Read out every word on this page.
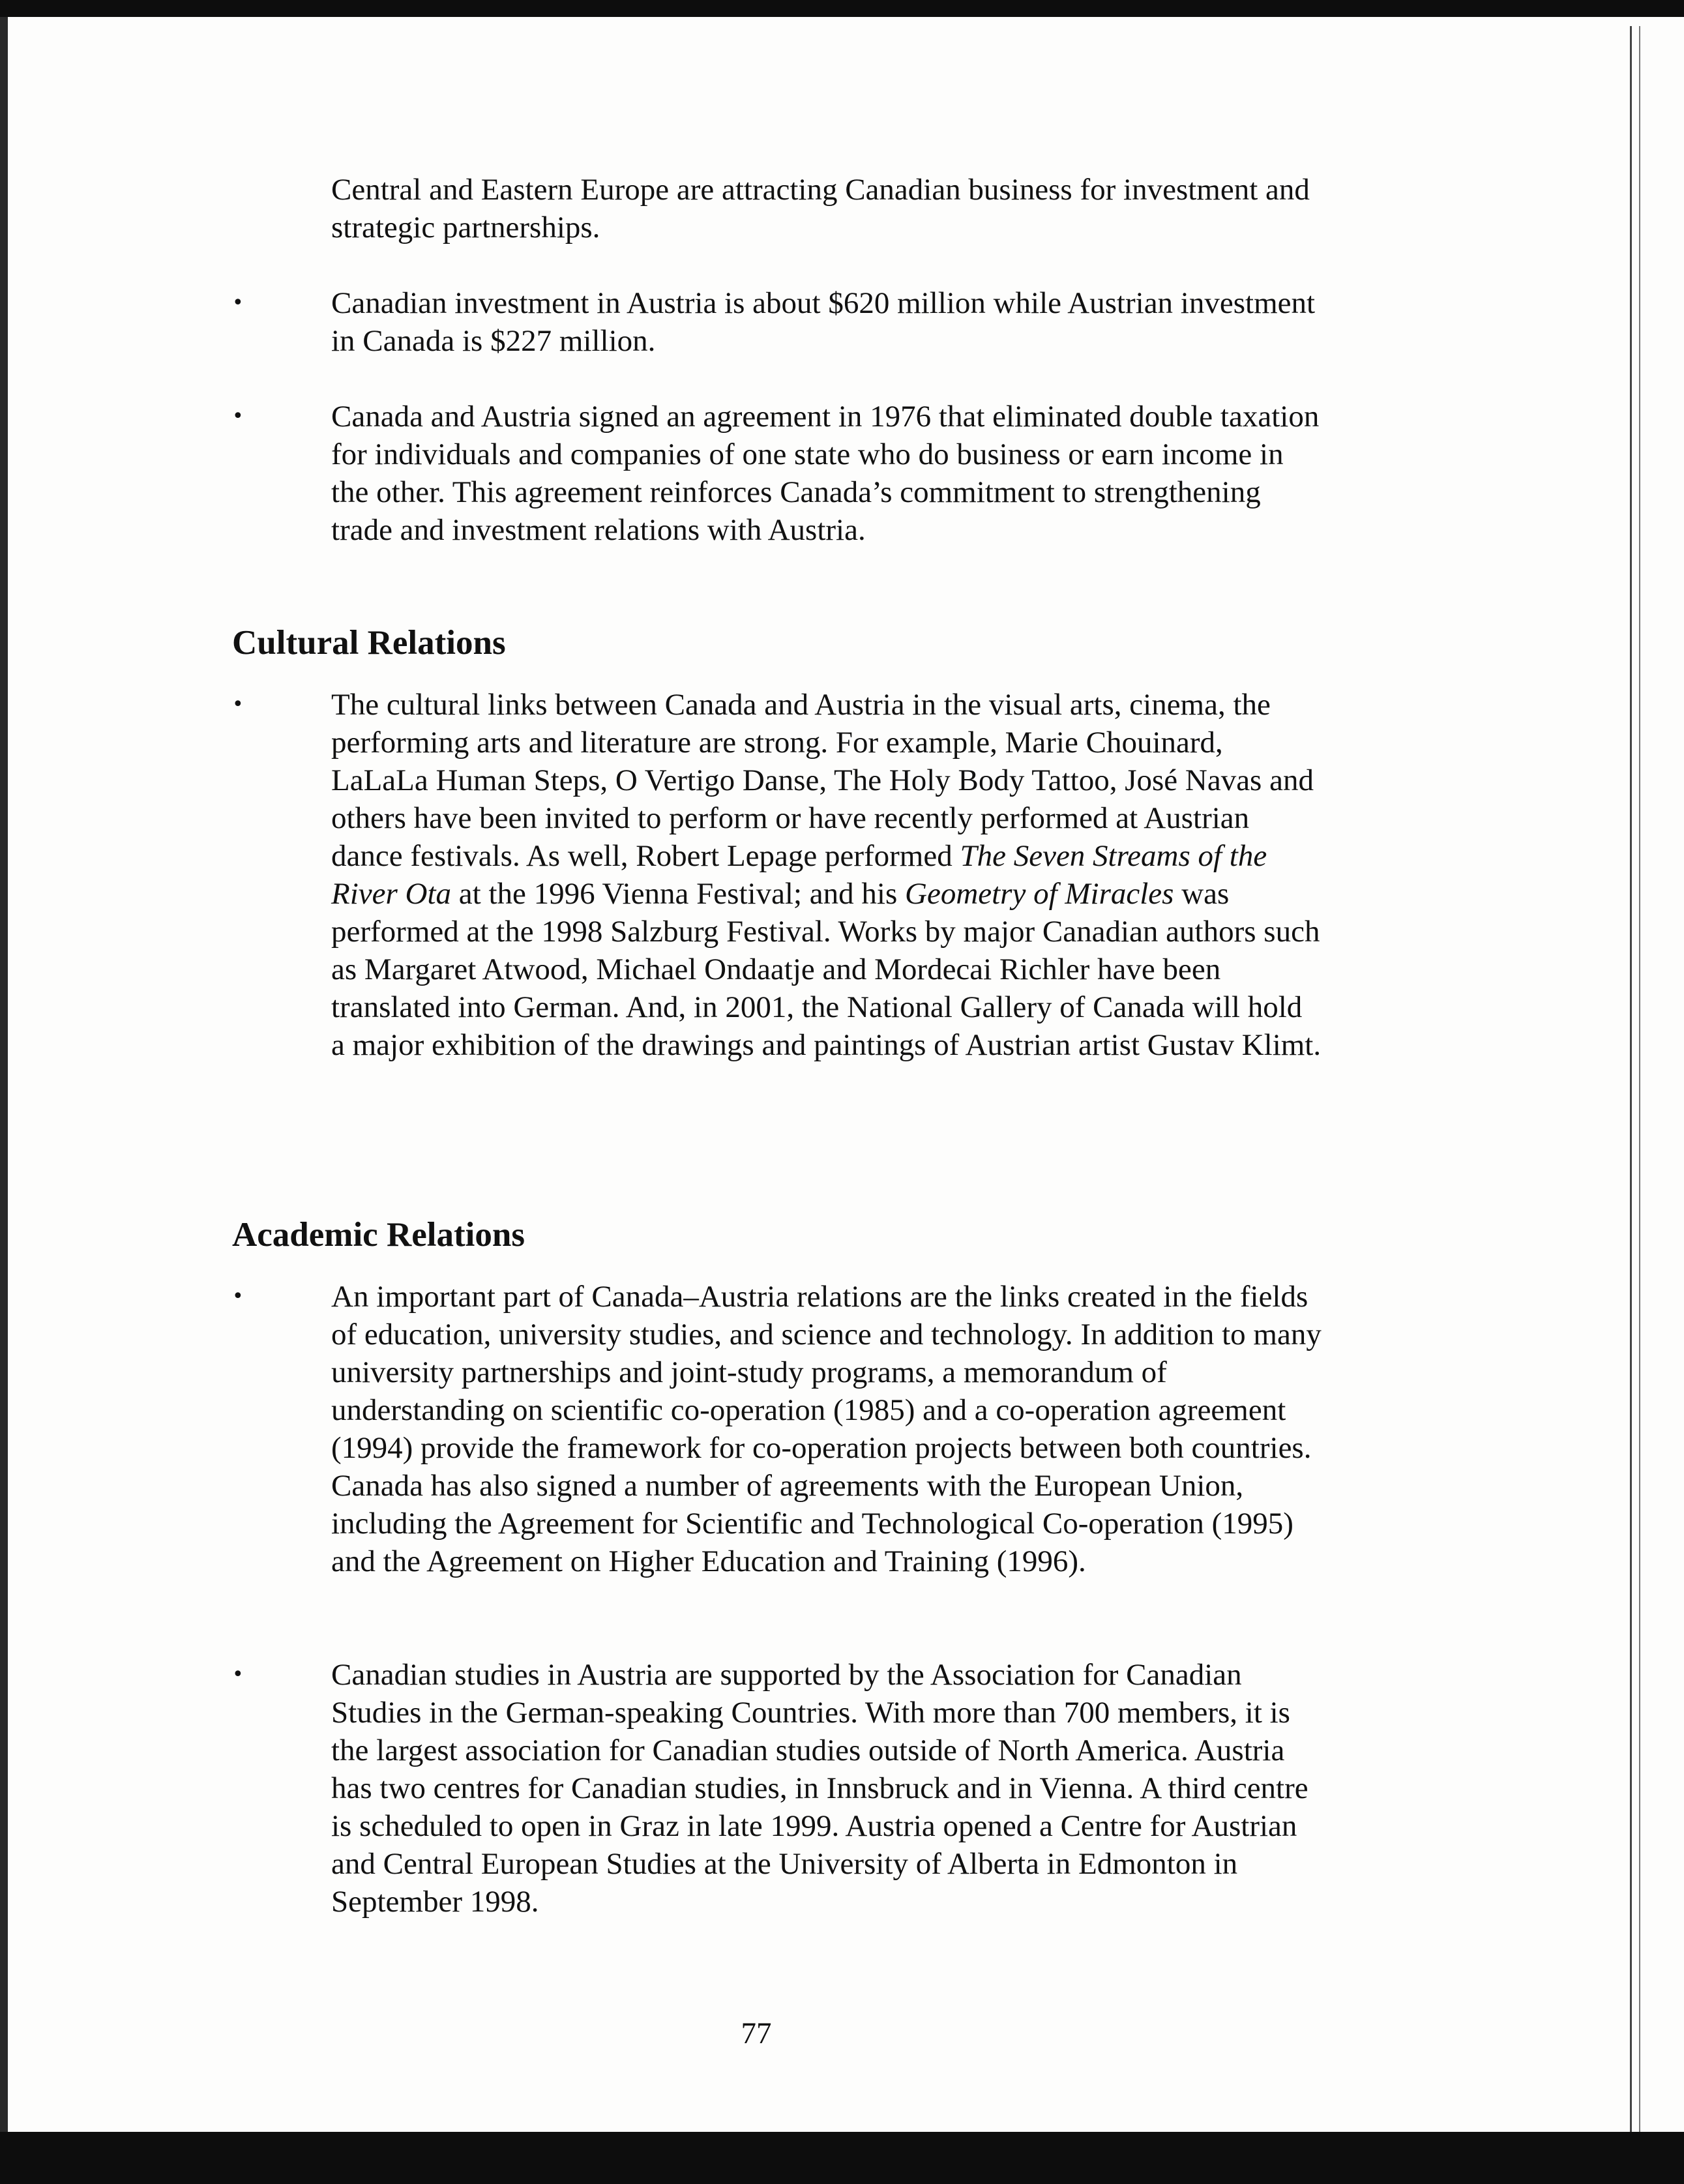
Central and Eastern Europe are attracting Canadian business for investment and strategic partnerships.

•	Canadian investment in Austria is about $620 million while Austrian investment in Canada is $227 million.

•	Canada and Austria signed an agreement in 1976 that eliminated double taxation for individuals and companies of one state who do business or earn income in the other. This agreement reinforces Canada’s commitment to strengthening trade and investment relations with Austria.

Cultural Relations
•	The cultural links between Canada and Austria in the visual arts, cinema, the performing arts and literature are strong. For example, Marie Chouinard, LaLaLa Human Steps, O Vertigo Danse, The Holy Body Tattoo, José Navas and others have been invited to perform or have recently performed at Austrian dance festivals. As well, Robert Lepage performed The Seven Streams of the River Ota at the 1996 Vienna Festival; and his Geometry of Miracles was performed at the 1998 Salzburg Festival. Works by major Canadian authors such as Margaret Atwood, Michael Ondaatje and Mordecai Richler have been translated into German. And, in 2001, the National Gallery of Canada will hold a major exhibition of the drawings and paintings of Austrian artist Gustav Klimt.

Academic Relations
•	An important part of Canada–Austria relations are the links created in the fields of education, university studies, and science and technology. In addition to many university partnerships and joint-study programs, a memorandum of understanding on scientific co-operation (1985) and a co-operation agreement (1994) provide the framework for co-operation projects between both countries. Canada has also signed a number of agreements with the European Union, including the Agreement for Scientific and Technological Co-operation (1995) and the Agreement on Higher Education and Training (1996).

•	Canadian studies in Austria are supported by the Association for Canadian Studies in the German-speaking Countries. With more than 700 members, it is the largest association for Canadian studies outside of North America. Austria has two centres for Canadian studies, in Innsbruck and in Vienna. A third centre is scheduled to open in Graz in late 1999. Austria opened a Centre for Austrian and Central European Studies at the University of Alberta in Edmonton in September 1998.

77
